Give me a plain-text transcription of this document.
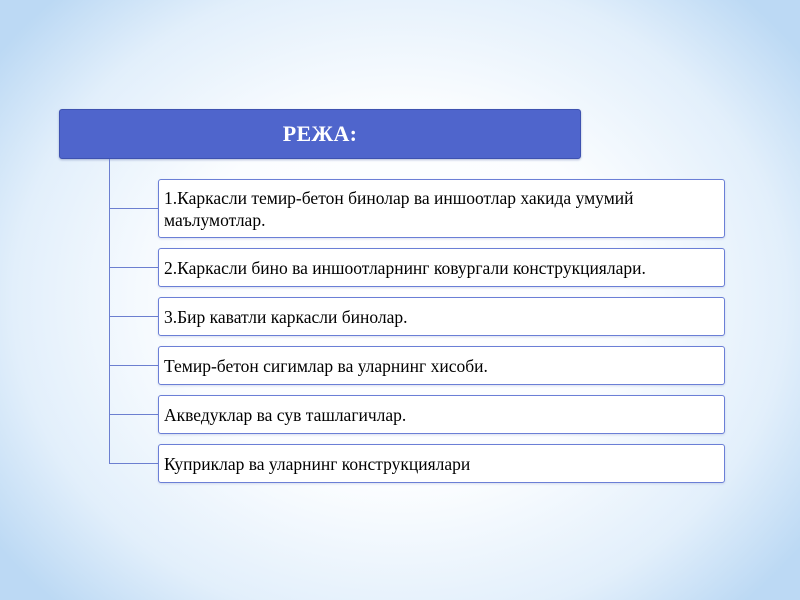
РЕЖА:
1.Каркасли темир-бетон бинолар ва иншоотлар хакида умумий маълумотлар.
2.Каркасли бино ва иншоотларнинг ковургали конструкциялари.
3.Бир каватли каркасли бинолар.
Темир-бетон сигимлар ва уларнинг хисоби.
Акведуклар ва сув ташлагичлар.
Куприклар ва уларнинг конструкциялари
